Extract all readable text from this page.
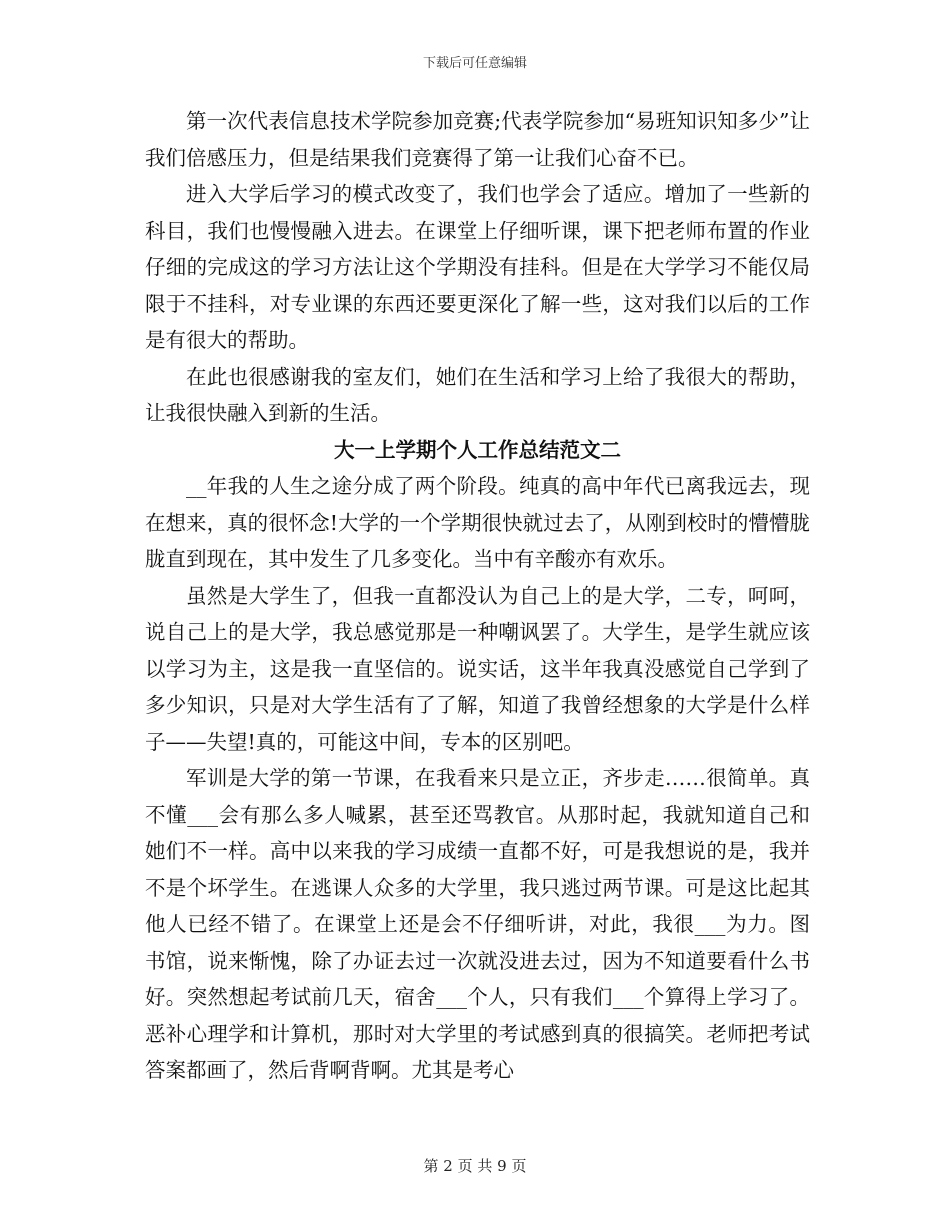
下载后可任意编辑

第一次代表信息技术学院参加竞赛;代表学院参加“易班知识知多少”让我们倍感压力，但是结果我们竞赛得了第一让我们心奋不已。

进入大学后学习的模式改变了，我们也学会了适应。增加了一些新的科目，我们也慢慢融入进去。在课堂上仔细听课，课下把老师布置的作业仔细的完成这的学习方法让这个学期没有挂科。但是在大学学习不能仅局限于不挂科，对专业课的东西还要更深化了解一些，这对我们以后的工作是有很大的帮助。

在此也很感谢我的室友们，她们在生活和学习上给了我很大的帮助，让我很快融入到新的生活。

大一上学期个人工作总结范文二

__年我的人生之途分成了两个阶段。纯真的高中年代已离我远去，现在想来，真的很怀念!大学的一个学期很快就过去了，从刚到校时的懵懵胧胧直到现在，其中发生了几多变化。当中有辛酸亦有欢乐。

虽然是大学生了，但我一直都没认为自己上的是大学，二专，呵呵，说自己上的是大学，我总感觉那是一种嘲讽罢了。大学生，是学生就应该以学习为主，这是我一直坚信的。说实话，这半年我真没感觉自己学到了多少知识，只是对大学生活有了了解，知道了我曾经想象的大学是什么样子——失望!真的，可能这中间，专本的区别吧。

军训是大学的第一节课，在我看来只是立正，齐步走……很简单。真不懂___会有那么多人喊累，甚至还骂教官。从那时起，我就知道自己和她们不一样。高中以来我的学习成绩一直都不好，可是我想说的是，我并不是个坏学生。在逃课人众多的大学里，我只逃过两节课。可是这比起其他人已经不错了。在课堂上还是会不仔细听讲，对此，我很___为力。图书馆，说来惭愧，除了办证去过一次就没进去过，因为不知道要看什么书好。突然想起考试前几天，宿舍___个人，只有我们___个算得上学习了。恶补心理学和计算机，那时对大学里的考试感到真的很搞笑。老师把考试答案都画了，然后背啊背啊。尤其是考心

第 2 页 共 9 页
